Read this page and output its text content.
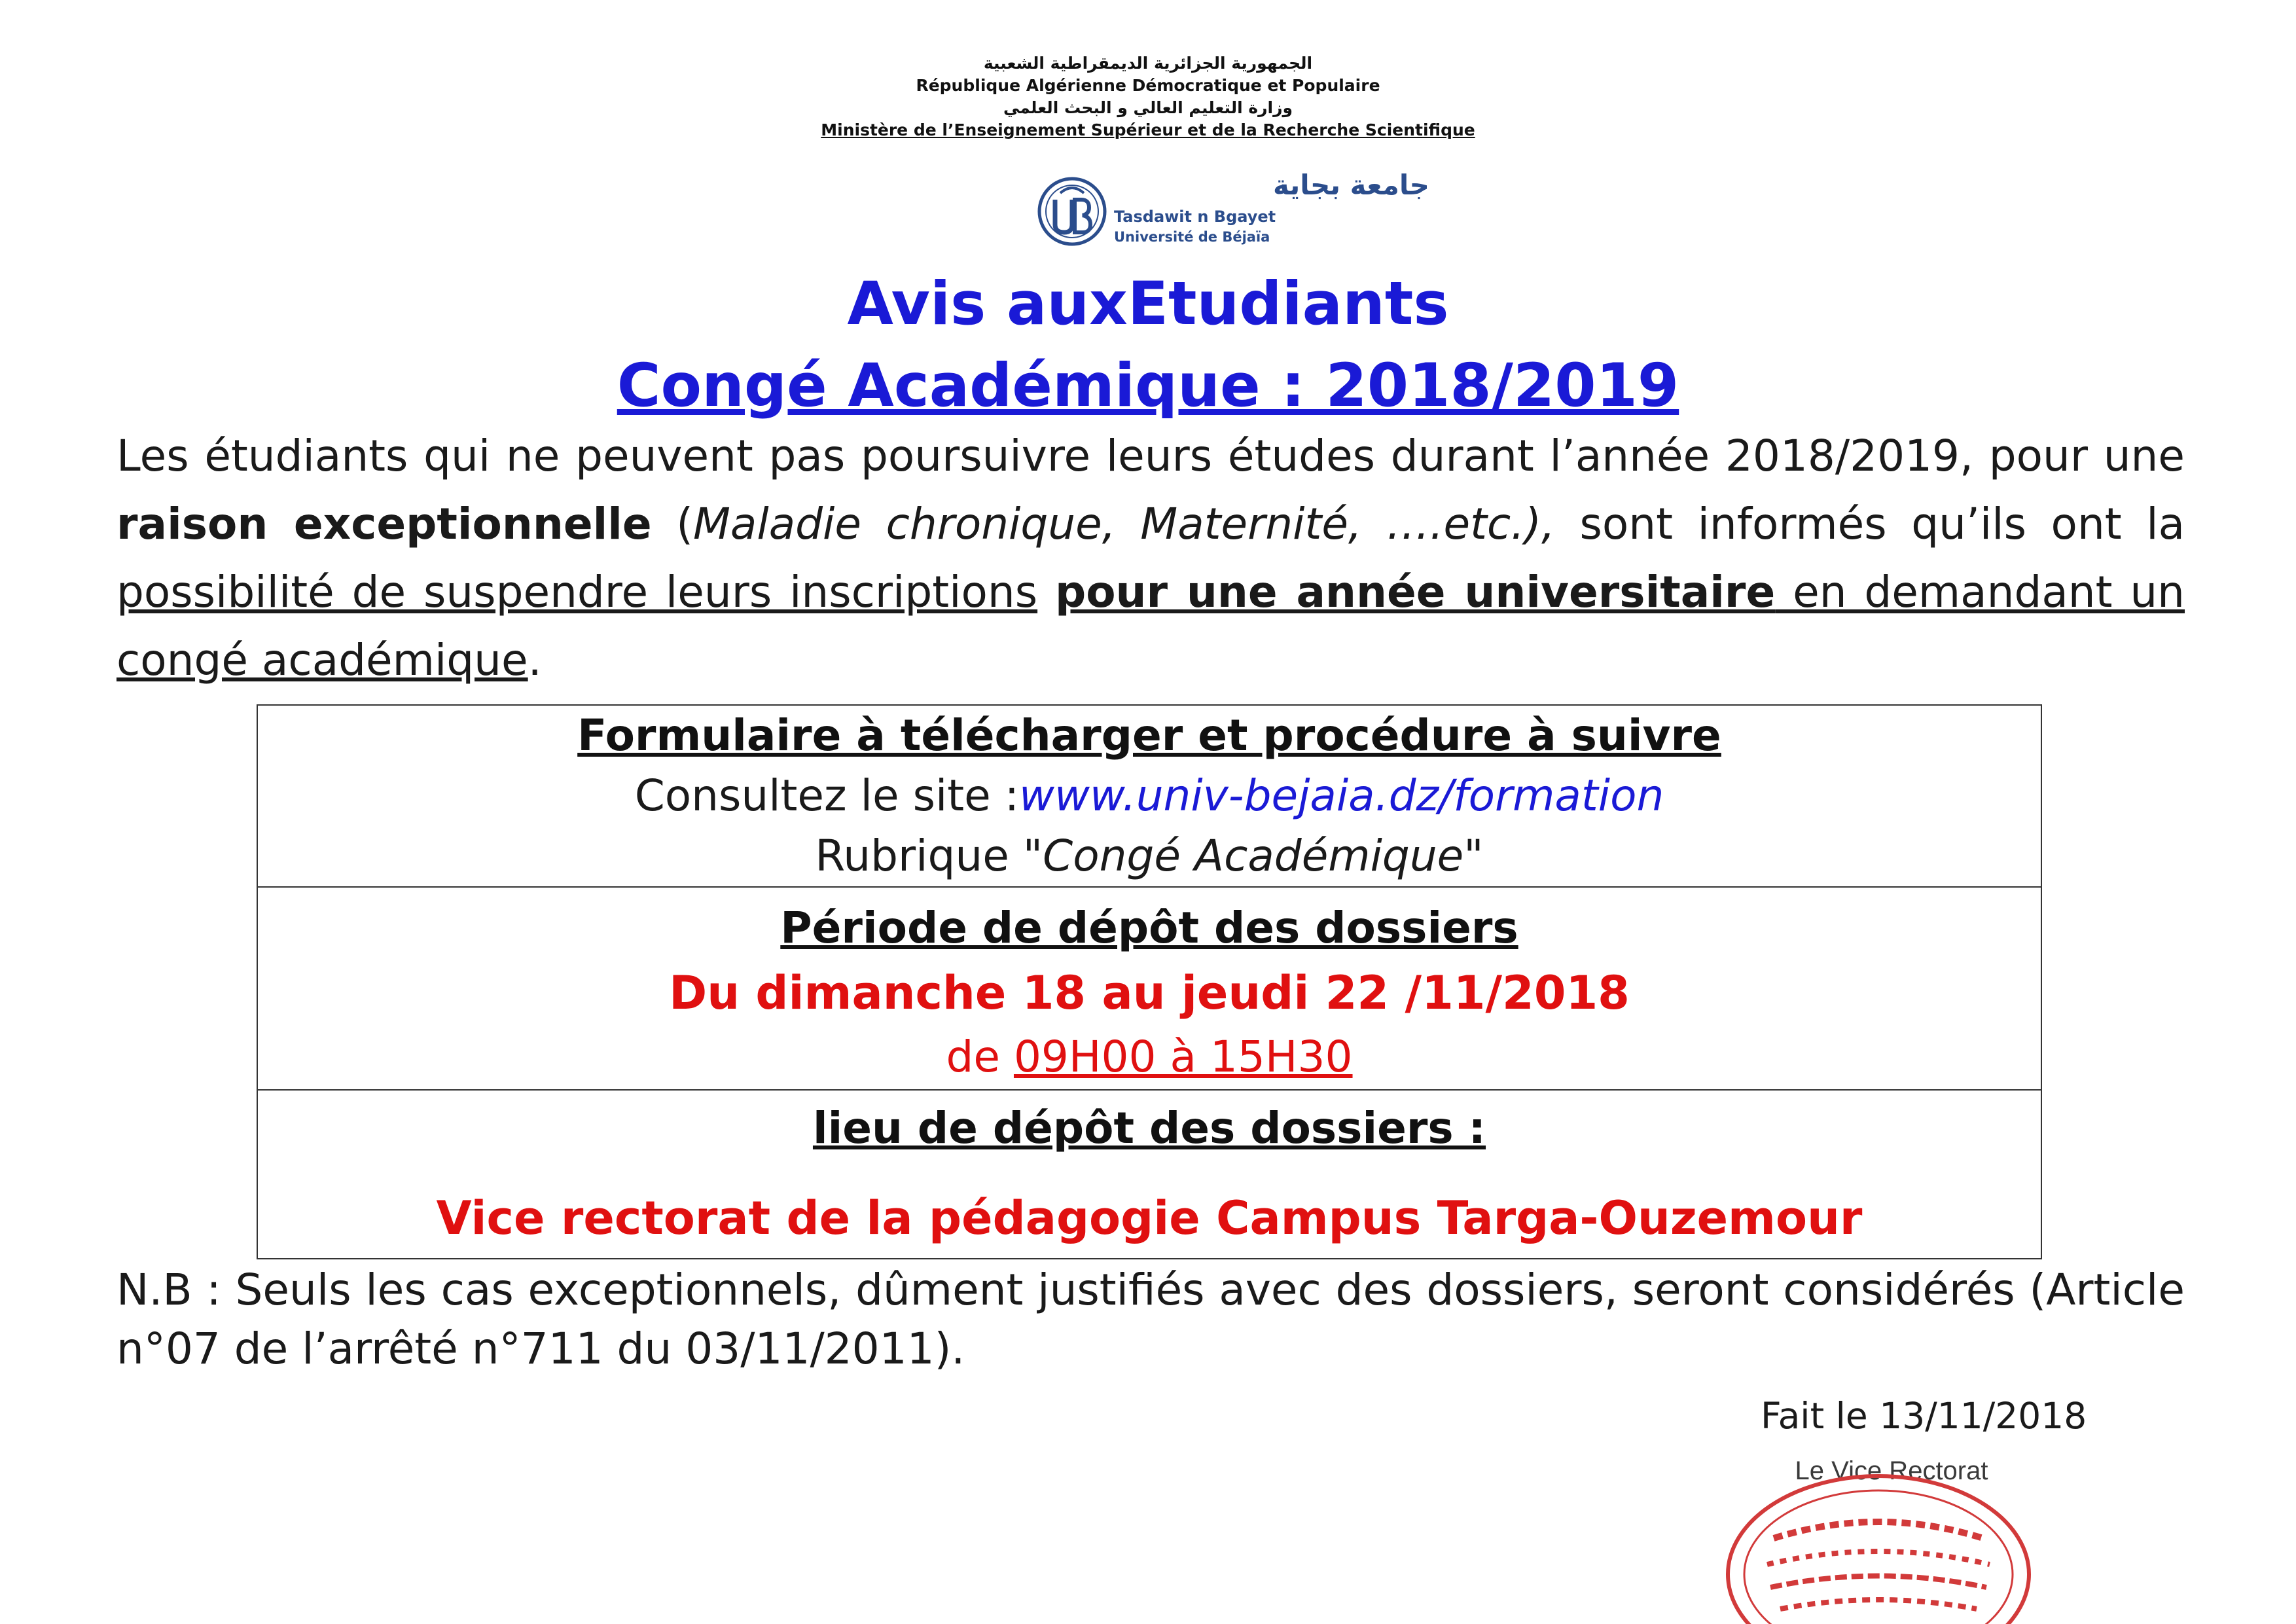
الجمهورية الجزائرية الديمقراطية الشعبية
République Algérienne Démocratique et Populaire
وزارة التعليم العالي و البحث العلمي
Ministère de l’Enseignement Supérieur et de la Recherche Scientifique
جامعة بجاية
Tasdawit n Bgayet
Université de Béjaïa
Avis auxEtudiants
Congé Académique : 2018/2019
Les étudiants qui ne peuvent pas poursuivre leurs études durant l’année 2018/2019, pour une raison exceptionnelle (Maladie chronique, Maternité, ….etc.), sont informés qu’ils ont la possibilité de suspendre leurs inscriptions pour une année universitaire en demandant un congé académique.
Formulaire à télécharger et procédure à suivre
Consultez le site :www.univ-bejaia.dz/formation
Rubrique "Congé Académique"

Période de dépôt des dossiers
Du dimanche 18 au jeudi 22 /11/2018
de 09H00 à 15H30

lieu de dépôt des dossiers :
Vice rectorat de la pédagogie Campus Targa-Ouzemour
N.B : Seuls les cas exceptionnels, dûment justifiés avec des dossiers, seront considérés (Article n°07 de l’arrêté n°711 du 03/11/2011).
Fait le 13/11/2018
Le Vice Rectorat
